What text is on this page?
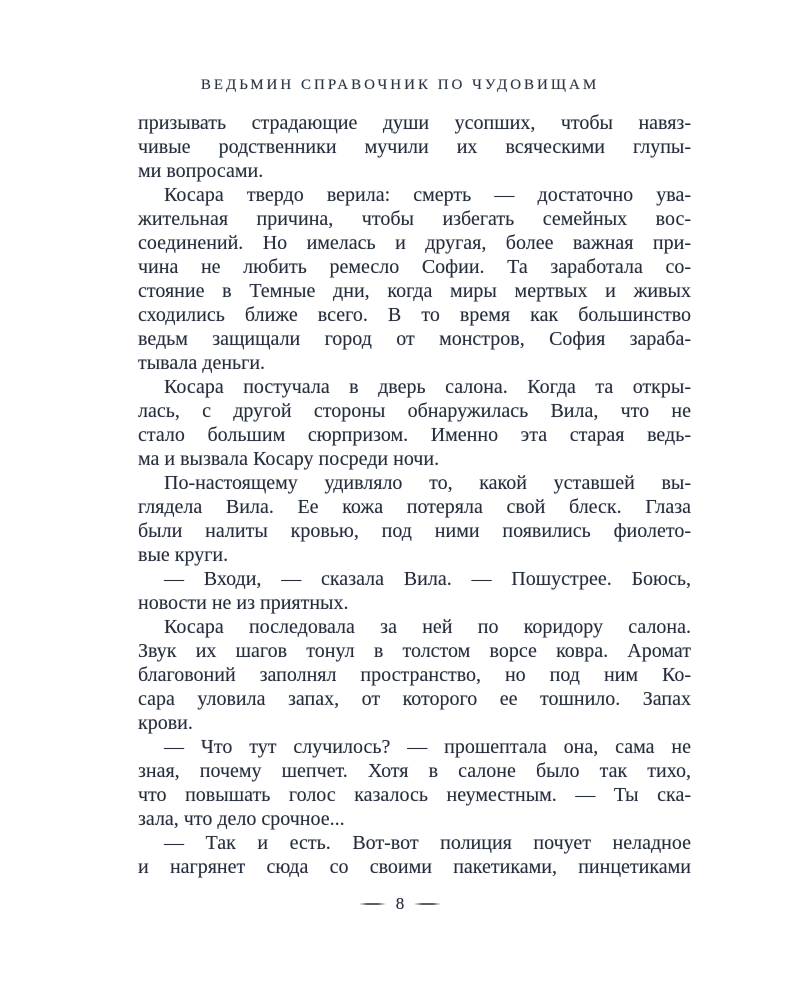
ВЕДЬМИН СПРАВОЧНИК ПО ЧУДОВИЩАМ
призывать страдающие души усопших, чтобы навяз-
чивые родственники мучили их всяческими глупы-
ми вопросами.
Косара твердо верила: смерть — достаточно ува-
жительная причина, чтобы избегать семейных вос-
соединений. Но имелась и другая, более важная при-
чина не любить ремесло Софии. Та заработала со-
стояние в Темные дни, когда миры мертвых и живых
сходились ближе всего. В то время как большинство
ведьм защищали город от монстров, София зараба-
тывала деньги.
Косара постучала в дверь салона. Когда та откры-
лась, с другой стороны обнаружилась Вила, что не
стало большим сюрпризом. Именно эта старая ведь-
ма и вызвала Косару посреди ночи.
По-настоящему удивляло то, какой уставшей вы-
глядела Вила. Ее кожа потеряла свой блеск. Глаза
были налиты кровью, под ними появились фиолето-
вые круги.
— Входи, — сказала Вила. — Пошустрее. Боюсь,
новости не из приятных.
Косара последовала за ней по коридору салона.
Звук их шагов тонул в толстом ворсе ковра. Аромат
благовоний заполнял пространство, но под ним Ко-
сара уловила запах, от которого ее тошнило. Запах
крови.
— Что тут случилось? — прошептала она, сама не
зная, почему шепчет. Хотя в салоне было так тихо,
что повышать голос казалось неуместным. — Ты ска-
зала, что дело срочное...
— Так и есть. Вот-вот полиция почует неладное
и нагрянет сюда со своими пакетиками, пинцетиками
8
